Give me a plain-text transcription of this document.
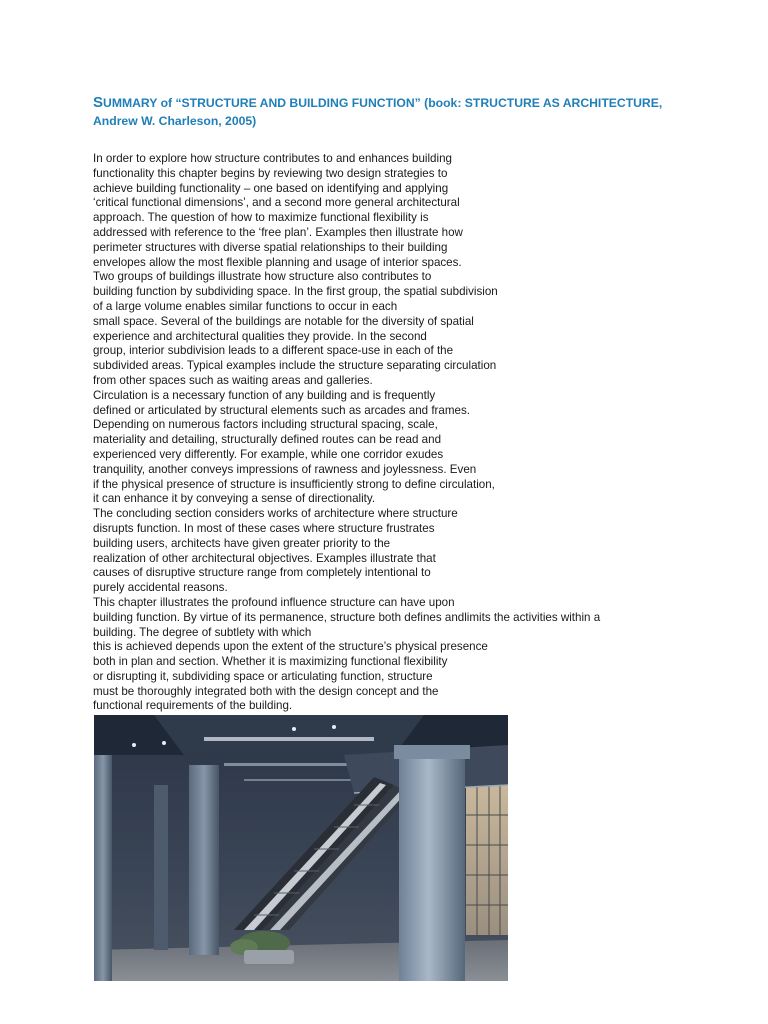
SUMMARY of “STRUCTURE AND BUILDING FUNCTION” (book: STRUCTURE AS ARCHITECTURE,
Andrew W. Charleson, 2005)
In order to explore how structure contributes to and enhances building
functionality this chapter begins by reviewing two design strategies to
achieve building functionality – one based on identifying and applying
‘critical functional dimensions’, and a second more general architectural
approach. The question of how to maximize functional flexibility is
addressed with reference to the ‘free plan’. Examples then illustrate how
perimeter structures with diverse spatial relationships to their building
envelopes allow the most flexible planning and usage of interior spaces.
Two groups of buildings illustrate how structure also contributes to
building function by subdividing space. In the first group, the spatial subdivision
of a large volume enables similar functions to occur in each
small space. Several of the buildings are notable for the diversity of spatial
experience and architectural qualities they provide. In the second
group, interior subdivision leads to a different space-use in each of the
subdivided areas. Typical examples include the structure separating circulation
from other spaces such as waiting areas and galleries.
Circulation is a necessary function of any building and is frequently
defined or articulated by structural elements such as arcades and frames.
Depending on numerous factors including structural spacing, scale,
materiality and detailing, structurally defined routes can be read and
experienced very differently. For example, while one corridor exudes
tranquility, another conveys impressions of rawness and joylessness. Even
if the physical presence of structure is insufficiently strong to define circulation,
it can enhance it by conveying a sense of directionality.
The concluding section considers works of architecture where structure
disrupts function. In most of these cases where structure frustrates
building users, architects have given greater priority to the
realization of other architectural objectives. Examples illustrate that
causes of disruptive structure range from completely intentional to
purely accidental reasons.
This chapter illustrates the profound influence structure can have upon
building function. By virtue of its permanence, structure both defines andlimits the activities within a
building. The degree of subtlety with which
this is achieved depends upon the extent of the structure’s physical presence
both in plan and section. Whether it is maximizing functional flexibility
or disrupting it, subdividing space or articulating function, structure
must be thoroughly integrated both with the design concept and the
functional requirements of the building.
